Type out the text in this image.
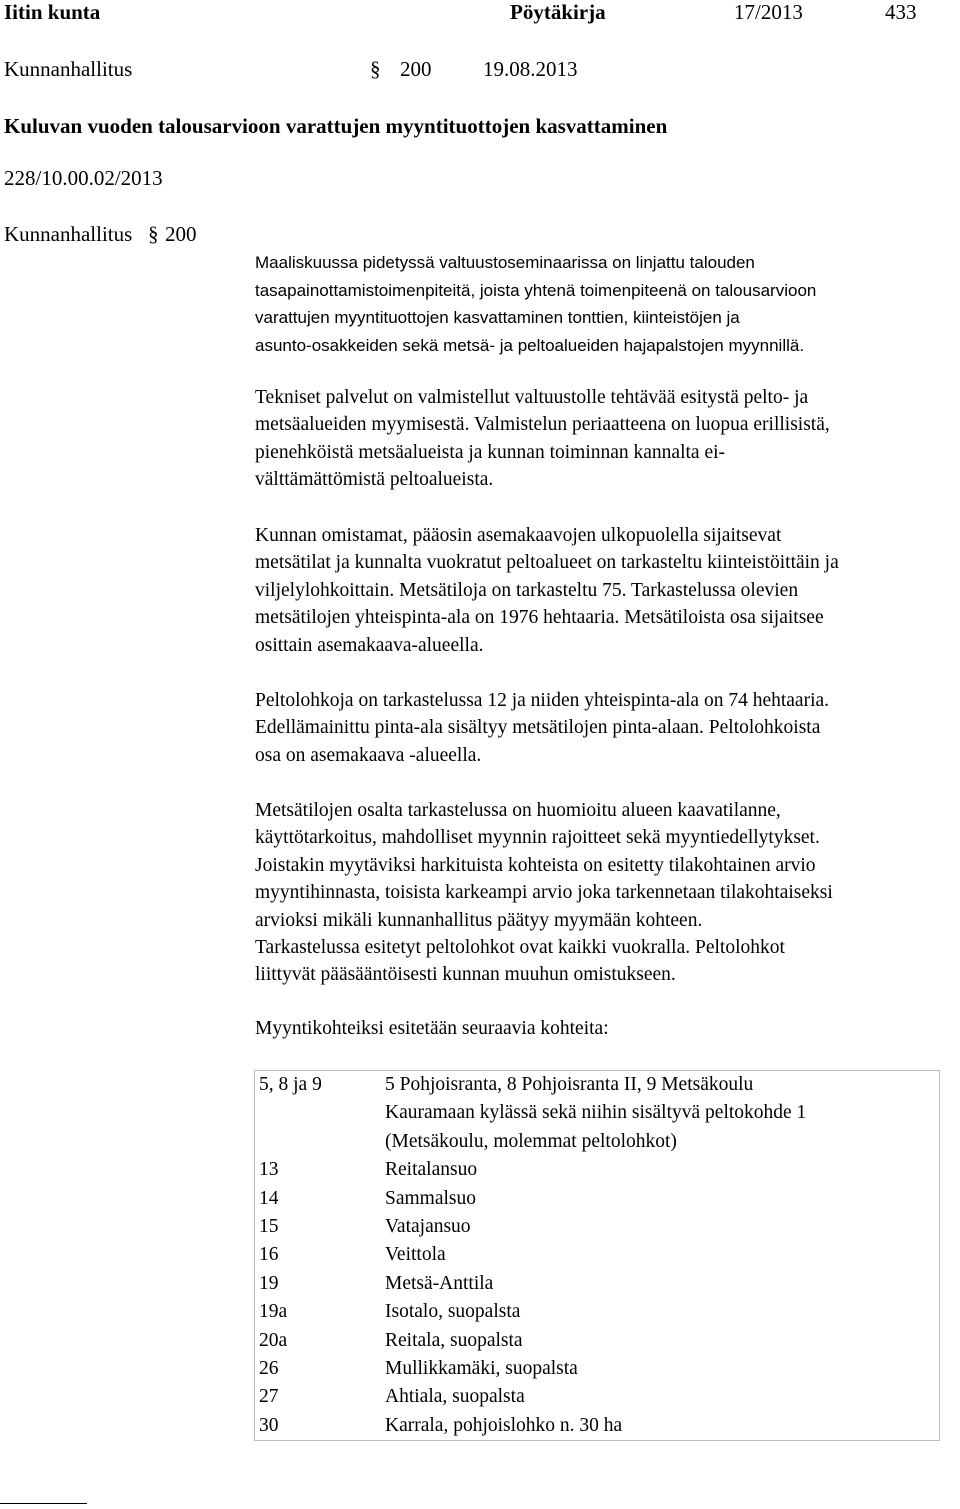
Iitin kunta	Pöytäkirja	17/2013	433
Kunnanhallitus	§ 200 19.08.2013
Kuluvan vuoden talousarvioon varattujen myyntituottojen kasvattaminen
228/10.00.02/2013
Kunnanhallitus § 200
Maaliskuussa pidetyssä valtuustoseminaarissa on linjattu talouden
tasapainottamistoimenpiteitä, joista yhtenä toimenpiteenä on talousarvioon
varattujen myyntituottojen kasvattaminen tonttien, kiinteistöjen ja
asunto-osakkeiden sekä metsä- ja peltoalueiden hajapalstojen myynnillä.
Tekniset palvelut on valmistellut valtuustolle tehtävää esitystä pelto- ja
metsäalueiden myymisestä. Valmistelun periaatteena on luopua erillisistä,
pienehköistä metsäalueista ja kunnan toiminnan kannalta ei-
välttämättömistä peltoalueista.
Kunnan omistamat, pääosin asemakaavojen ulkopuolella sijaitsevat
metsätilat ja kunnalta vuokratut peltoalueet on tarkasteltu kiinteistöittäin ja
viljelylohkoittain. Metsätiloja on tarkasteltu 75. Tarkastelussa olevien
metsätilojen yhteispinta-ala on 1976 hehtaaria. Metsätiloista osa sijaitsee
osittain asemakaava-alueella.
Peltolohkoja on tarkastelussa 12 ja niiden yhteispinta-ala on 74 hehtaaria.
Edellämainittu pinta-ala sisältyy metsätilojen pinta-alaan. Peltolohkoista
osa on asemakaava -alueella.
Metsätilojen osalta tarkastelussa on huomioitu alueen kaavatilanne,
käyttötarkoitus, mahdolliset myynnin rajoitteet sekä myyntiedellytykset.
Joistakin myytäviksi harkituista kohteista on esitetty tilakohtainen arvio
myyntihinnasta, toisista karkeampi arvio joka tarkennetaan tilakohtaiseksi
arvioksi mikäli kunnanhallitus päätyy myymään kohteen.
Tarkastelussa esitetyt peltolohkot ovat kaikki vuokralla. Peltolohkot
liittyvät pääsääntöisesti kunnan muuhun omistukseen.
Myyntikohteiksi esitetään seuraavia kohteita:
5, 8 ja 9	5 Pohjoisranta, 8 Pohjoisranta II, 9 Metsäkoulu
Kauramaan kylässä sekä niihin sisältyvä peltokohde 1
(Metsäkoulu, molemmat peltolohkot)

13	Reitalansuo
14	Sammalsuo
15	Vatajansuo
16	Veittola
19	Metsä-Anttila
19a	Isotalo, suopalsta
20a	Reitala, suopalsta
26	Mullikkamäki, suopalsta
27	Ahtiala, suopalsta
30	Karrala, pohjoislohko n. 30 ha
